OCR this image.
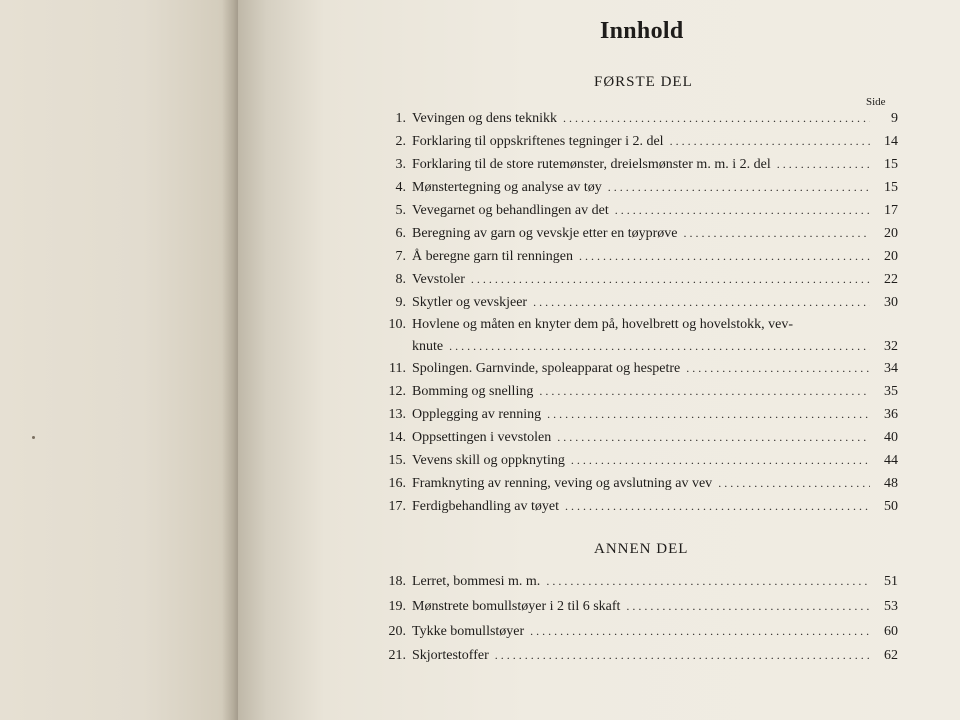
Innhold
FØRSTE DEL
Side
1. Vevingen og dens teknikk . . .	9
2. Forklaring til oppskriftenes tegninger i 2. del . . .	14
3. Forklaring til de store rutemønster, dreielsmønster m. m. i 2. del . . .	15
4. Mønstertegning og analyse av tøy . . .	15
5. Vevegarnet og behandlingen av det . . .	17
6. Beregning av garn og vevskje etter en tøyprøve . . .	20
7. Å beregne garn til renningen . . .	20
8. Vevstoler . . .	22
9. Skytler og vevskjeer . . .	30
10. Hovlene og måten en knyter dem på, hovelbrett og hovelstokk, vev-
knute . . .	32
11. Spolingen. Garnvinde, spoleapparat og hespetre . . .	34
12. Bomming og snelling . . .	35
13. Opplegging av renning . . .	36
14. Oppsettingen i vevstolen . . .	40
15. Vevens skill og oppknyting . . .	44
16. Framknyting av renning, veving og avslutning av vev . . .	48
17. Ferdigbehandling av tøyet . . .	50
18. Lerret, bommesi m. m. . . .	51
19. Mønstrete bomullstøyer i 2 til 6 skaft . . .	53
20. Tykke bomullstøyer . . .	60
21. Skjortestoffer . . .	62
ANNEN DEL
